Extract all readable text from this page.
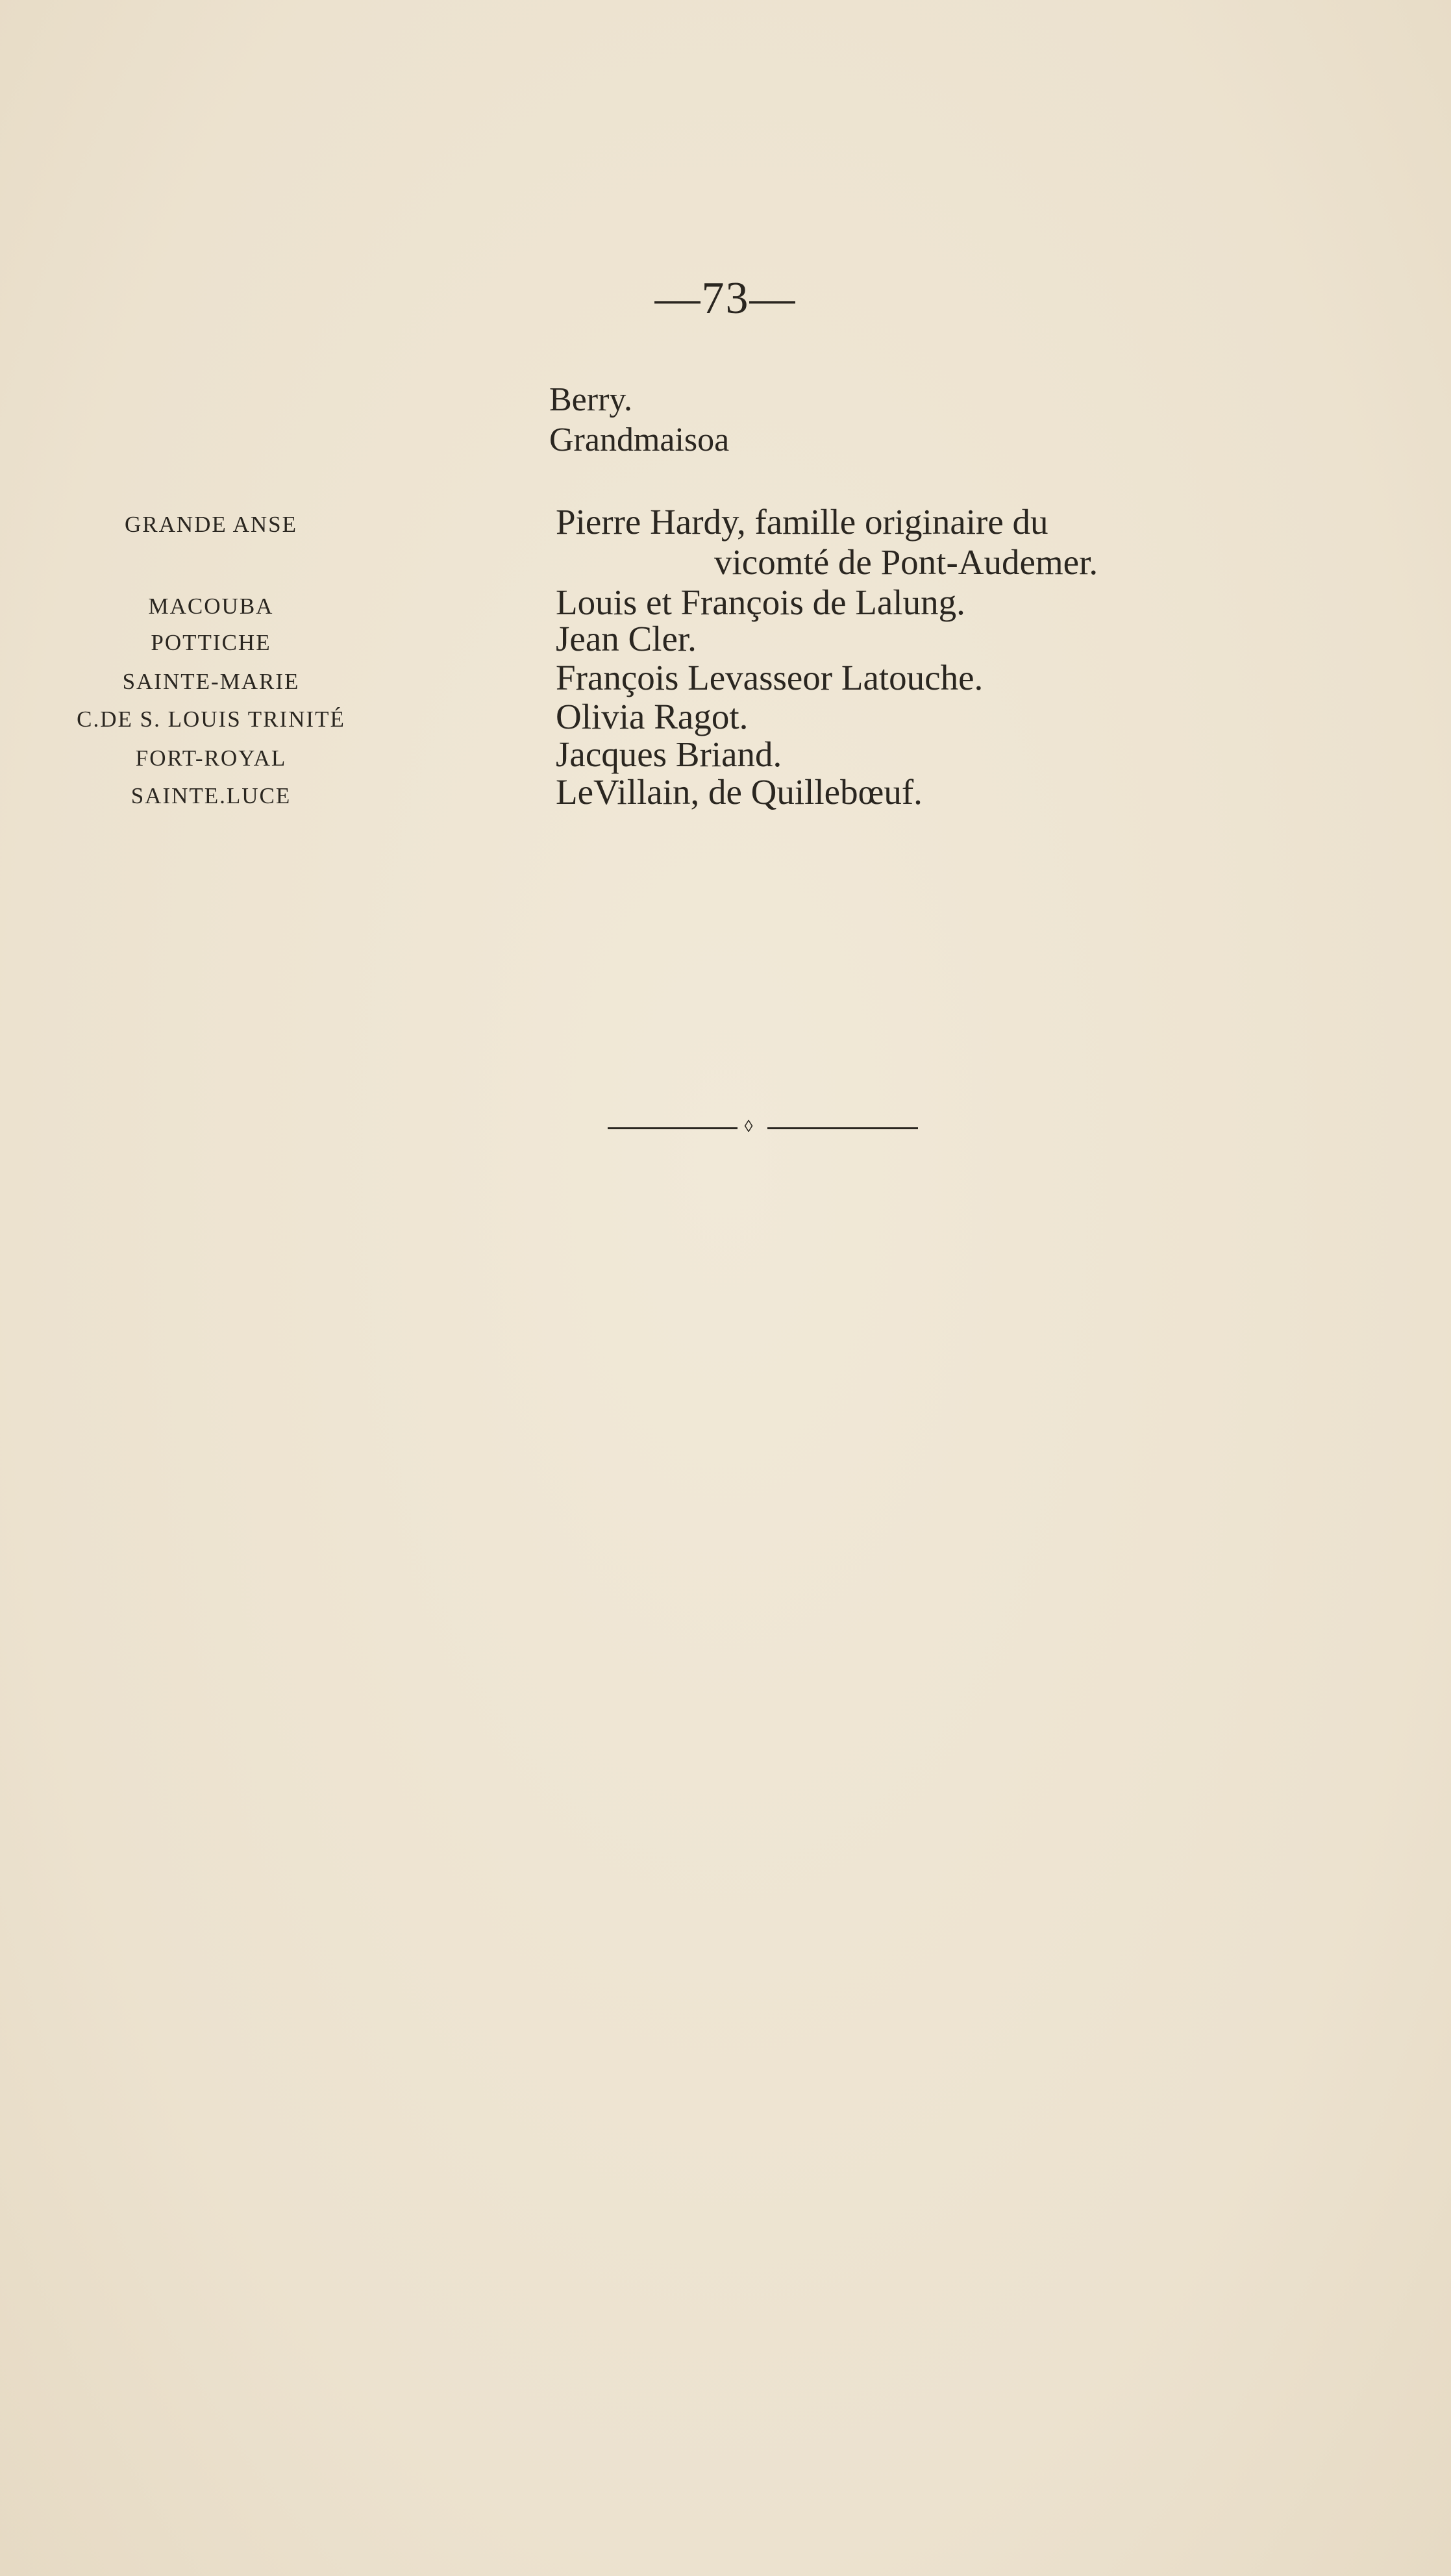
—73—
Berry.
Grandmaisoa
GRANDE ANSE	Pierre Hardy, famille originaire du
vicomté de Pont-Audemer.
MACOUBA	Louis et François de Lalung.
POTTICHE	Jean Cler.
SAINTE-MARIE	François Levasseor Latouche.
C.DE S. LOUIS TRINITÉ	Olivia Ragot.
FORT-ROYAL	Jacques Briand.
SAINTE.LUCE	LeVillain, de Quillebœuf.
◊
